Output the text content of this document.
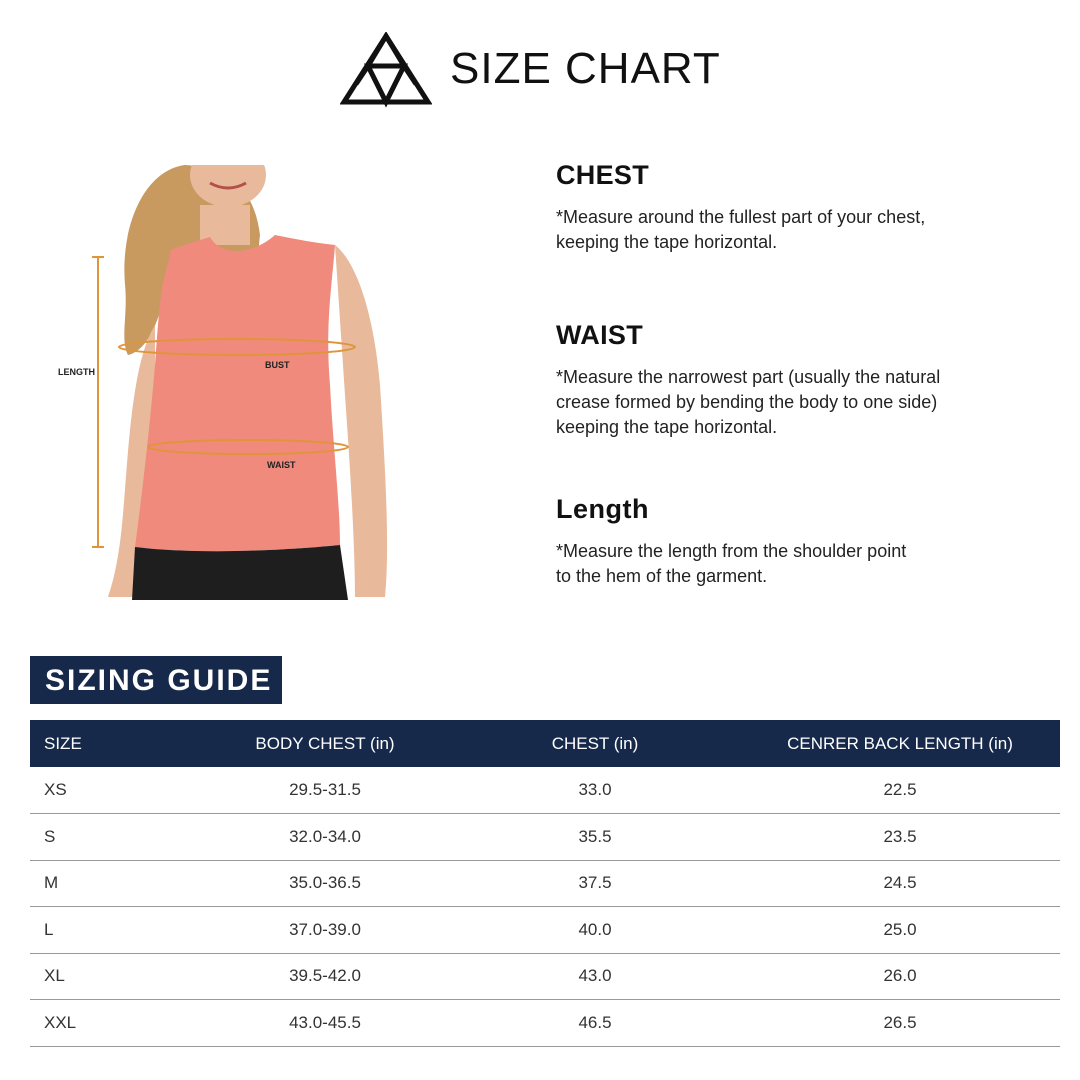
SIZE CHART
LENGTH
BUST
WAIST
CHEST

*Measure around the fullest part of your chest,
keeping the tape horizontal.

WAIST

*Measure the narrowest part (usually the natural
crease formed by bending the body to one side)
keeping the tape horizontal.

Length

*Measure the length from the shoulder point
to the hem of the garment.

SIZING GUIDE
SIZE	BODY CHEST (in)	CHEST (in)	CENRER BACK LENGTH (in)
XS	29.5-31.5	33.0	22.5
S	32.0-34.0	35.5	23.5
M	35.0-36.5	37.5	24.5
L	37.0-39.0	40.0	25.0
XL	39.5-42.0	43.0	26.0
XXL	43.0-45.5	46.5	26.5
